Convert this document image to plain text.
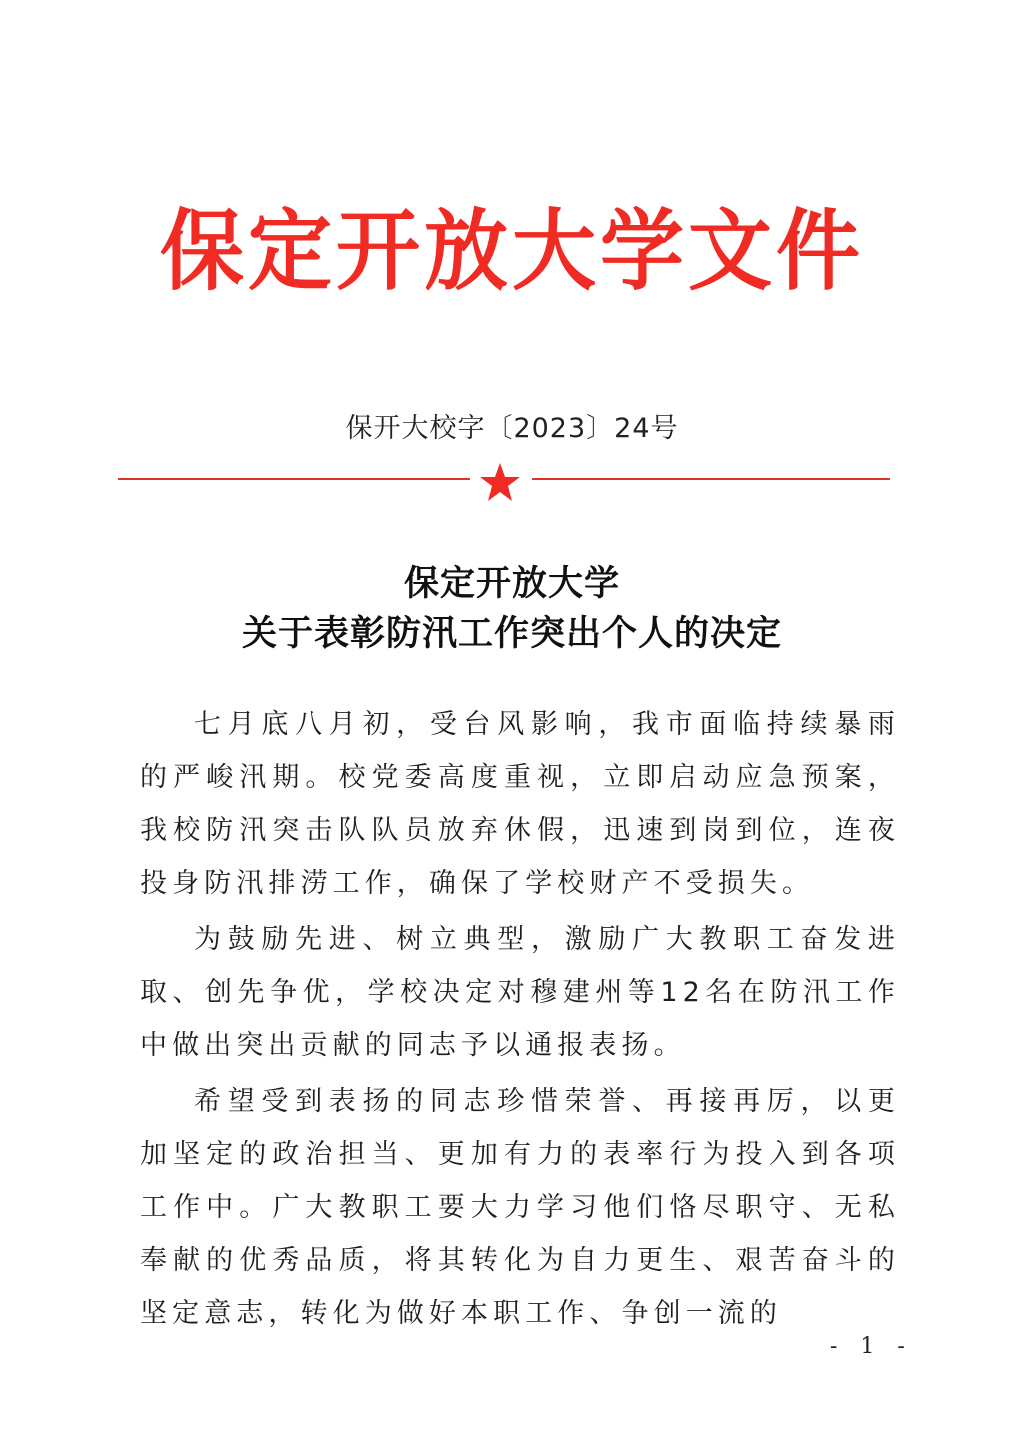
保定开放大学文件
保开大校字〔2023〕24号
保定开放大学
关于表彰防汛工作突出个人的决定

七月底八月初，受台风影响，我市面临持续暴雨的严峻汛期。校党委高度重视，立即启动应急预案，我校防汛突击队队员放弃休假，迅速到岗到位，连夜投身防汛排涝工作，确保了学校财产不受损失。

为鼓励先进、树立典型，激励广大教职工奋发进取、创先争优，学校决定对穆建州等12名在防汛工作中做出突出贡献的同志予以通报表扬。

希望受到表扬的同志珍惜荣誉、再接再厉，以更加坚定的政治担当、更加有力的表率行为投入到各项工作中。广大教职工要大力学习他们恪尽职守、无私奉献的优秀品质，将其转化为自力更生、艰苦奋斗的坚定意志，转化为做好本职工作、争创一流的

- 1 -
